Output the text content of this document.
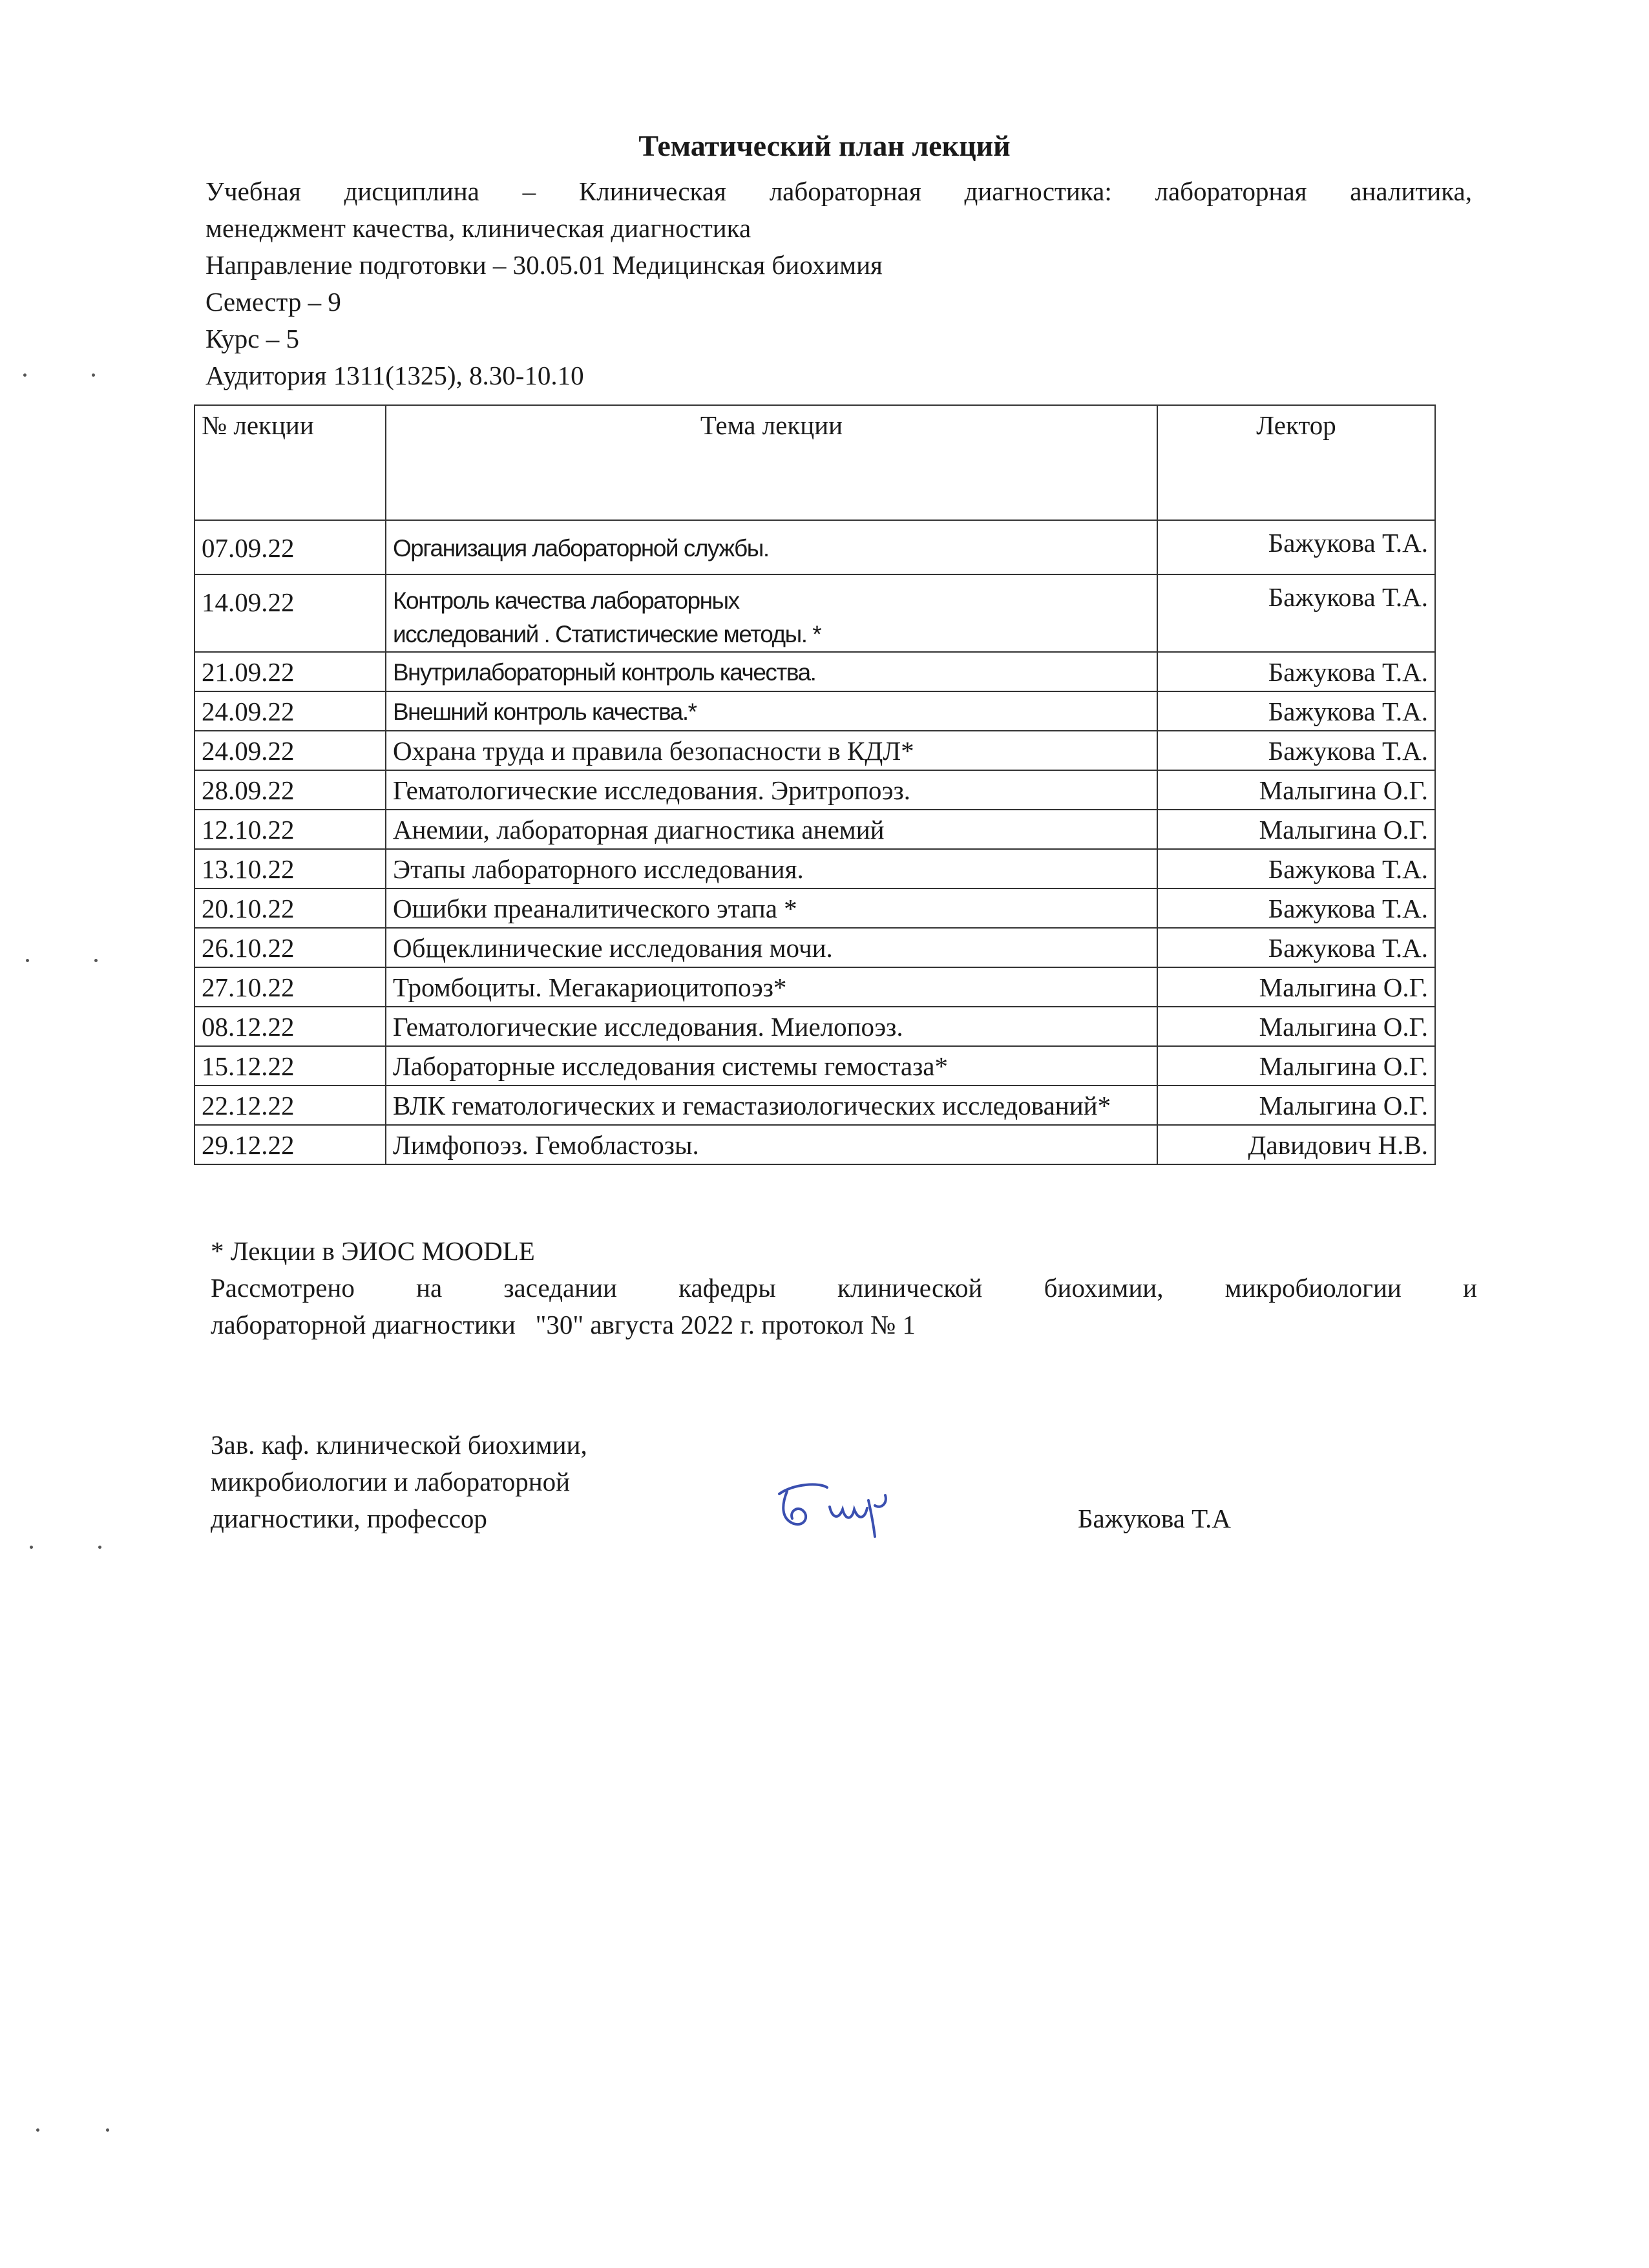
Тематический план лекций
Учебная дисциплина – Клиническая лабораторная диагностика: лабораторная аналитика,
менеджмент качества, клиническая диагностика
Направление подготовки – 30.05.01 Медицинская биохимия
Семестр – 9
Курс – 5
Аудитория 1311(1325), 8.30-10.10
№ лекции	Тема лекции	Лектор
07.09.22	Организация лабораторной службы.	Бажукова Т.А.
14.09.22	Контроль качества лабораторных исследований . Статистические методы. *	Бажукова Т.А.
21.09.22	Внутрилабораторный контроль качества.	Бажукова Т.А.
24.09.22	Внешний контроль качества.*	Бажукова Т.А.
24.09.22	Охрана труда и правила безопасности в КДЛ*	Бажукова Т.А.
28.09.22	Гематологические исследования. Эритропоэз.	Малыгина О.Г.
12.10.22	Анемии, лабораторная диагностика анемий	Малыгина О.Г.
13.10.22	Этапы лабораторного исследования.	Бажукова Т.А.
20.10.22	Ошибки преаналитического этапа *	Бажукова Т.А.
26.10.22	Общеклинические исследования мочи.	Бажукова Т.А.
27.10.22	Тромбоциты. Мегакариоцитопоэз*	Малыгина О.Г.
08.12.22	Гематологические исследования. Миелопоэз.	Малыгина О.Г.
15.12.22	Лабораторные исследования системы гемостаза*	Малыгина О.Г.
22.12.22	ВЛК гематологических и гемастазиологических исследований*	Малыгина О.Г.
29.12.22	Лимфопоэз. Гемобластозы.	Давидович Н.В.
* Лекции в ЭИОС MOODLE
Рассмотрено на заседании кафедры клинической биохимии, микробиологии и
лабораторной диагностики   "30" августа 2022 г. протокол № 1
Зав. каф. клинической биохимии,
микробиологии и лабораторной
диагностики, профессор	Бажукова Т.А
